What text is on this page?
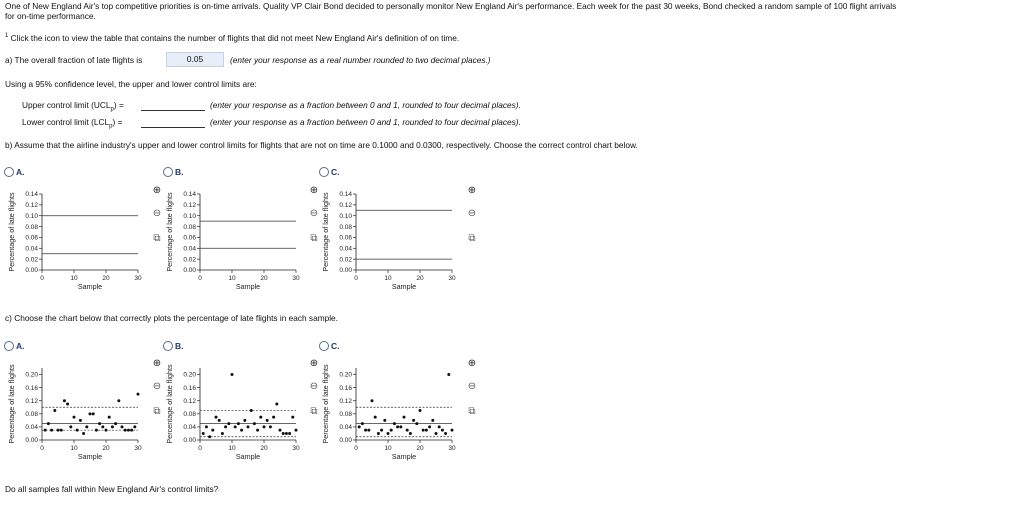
One of New England Air's top competitive priorities is on-time arrivals. Quality VP Clair Bond decided to personally monitor New England Air's performance. Each week for the past 30 weeks, Bond checked a random sample of 100 flight arrivals
for on-time performance.
$^1$ Click the icon to view the table that contains the number of flights that did not meet New England Air's definition of on time.
a) The overall fraction of late flights is	0.05	(enter your response as a real number rounded to two decimal places.)
Using a 95% confidence level, the upper and lower control limits are:
Upper control limit $(UCL_p)$ =	(enter your response as a fraction between 0 and 1, rounded to four decimal places).
Lower control limit $(LCL_p)$ =	(enter your response as a fraction between 0 and 1, rounded to four decimal places).
b) Assume that the airline industry's upper and lower control limits for flights that are not on time are 0.1000 and 0.0300, respectively. Choose the correct control chart below.
A.	B.	C.
⊕
⊖
⧉
⊕
⊖
⧉
⊕
⊖
⧉
0.00
0.02
0.04
0.06
0.08
0.10
0.12
0.14
0	10	20	30
Sample
Percentage of late flights	0.00
0.02
0.04
0.06
0.08
0.10
0.12
0.14
0	10	20	30
Sample
Percentage of late flights	0.00
0.02
0.04
0.06
0.08
0.10
0.12
0.14
0	10	20	30
Sample
Percentage of late flights
c) Choose the chart below that correctly plots the percentage of late flights in each sample.
A.	B.	C.
⊕
⊖
⧉
⊕
⊖
⧉
⊕
⊖
⧉
0.00
0.04
0.08
0.12
0.16
0.20
0	10	20	30
Sample
Percentage of late flights	0.00
0.04
0.08
0.12
0.16
0.20
0	10	20	30
Sample
Percentage of late flights	0.00
0.04
0.08
0.12
0.16
0.20
0	10	20	30
Sample
Percentage of late flights
Do all samples fall within New England Air's control limits?
